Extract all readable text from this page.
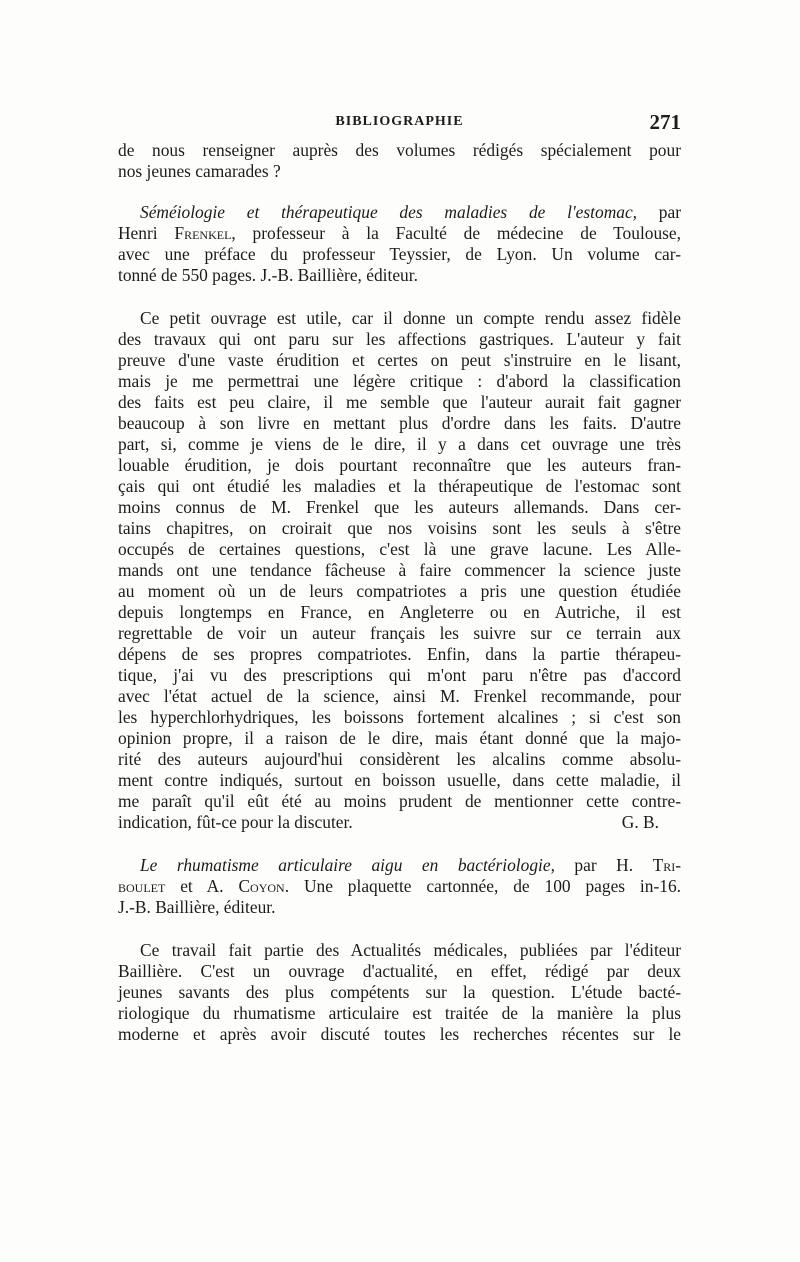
BIBLIOGRAPHIE	271

de nous renseigner auprès des volumes rédigés spécialement pour
nos jeunes camarades ?

Séméiologie et thérapeutique des maladies de l'estomac, par
Henri Frenkel, professeur à la Faculté de médecine de Toulouse,
avec une préface du professeur Teyssier, de Lyon. Un volume car-
tonné de 550 pages. J.-B. Baillière, éditeur.

Ce petit ouvrage est utile, car il donne un compte rendu assez fidèle
des travaux qui ont paru sur les affections gastriques. L'auteur y fait
preuve d'une vaste érudition et certes on peut s'instruire en le lisant,
mais je me permettrai une légère critique : d'abord la classification
des faits est peu claire, il me semble que l'auteur aurait fait gagner
beaucoup à son livre en mettant plus d'ordre dans les faits. D'autre
part, si, comme je viens de le dire, il y a dans cet ouvrage une très
louable érudition, je dois pourtant reconnaître que les auteurs fran-
çais qui ont étudié les maladies et la thérapeutique de l'estomac sont
moins connus de M. Frenkel que les auteurs allemands. Dans cer-
tains chapitres, on croirait que nos voisins sont les seuls à s'être
occupés de certaines questions, c'est là une grave lacune. Les Alle-
mands ont une tendance fâcheuse à faire commencer la science juste
au moment où un de leurs compatriotes a pris une question étudiée
depuis longtemps en France, en Angleterre ou en Autriche, il est
regrettable de voir un auteur français les suivre sur ce terrain aux
dépens de ses propres compatriotes. Enfin, dans la partie thérapeu-
tique, j'ai vu des prescriptions qui m'ont paru n'être pas d'accord
avec l'état actuel de la science, ainsi M. Frenkel recommande, pour
les hyperchlorhydriques, les boissons fortement alcalines ; si c'est son
opinion propre, il a raison de le dire, mais étant donné que la majo-
rité des auteurs aujourd'hui considèrent les alcalins comme absolu-
ment contre indiqués, surtout en boisson usuelle, dans cette maladie, il
me paraît qu'il eût été au moins prudent de mentionner cette contre-
indication, fût-ce pour la discuter.	G. B.

Le rhumatisme articulaire aigu en bactériologie, par H. Tri-
boulet et A. Coyon. Une plaquette cartonnée, de 100 pages in-16.
J.-B. Baillière, éditeur.

Ce travail fait partie des Actualités médicales, publiées par l'éditeur
Baillière. C'est un ouvrage d'actualité, en effet, rédigé par deux
jeunes savants des plus compétents sur la question. L'étude bacté-
riologique du rhumatisme articulaire est traitée de la manière la plus
moderne et après avoir discuté toutes les recherches récentes sur le
